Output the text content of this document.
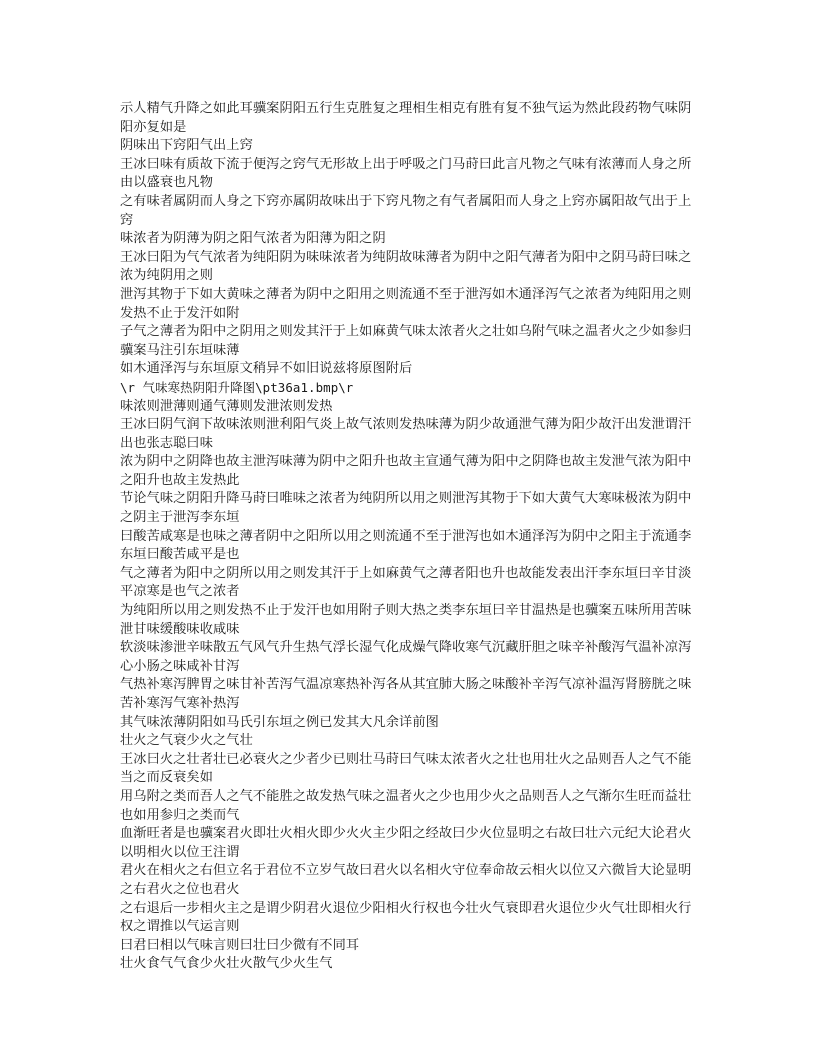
示人精气升降之如此耳骥案阴阳五行生克胜复之理相生相克有胜有复不独气运为然此段药物气味阴阳亦复如是
阴味出下窍阳气出上窍
王冰曰味有质故下流于便泻之窍气无形故上出于呼吸之门马莳曰此言凡物之气味有浓薄而人身之所由以盛衰也凡物
之有味者属阴而人身之下窍亦属阴故味出于下窍凡物之有气者属阳而人身之上窍亦属阳故气出于上窍
味浓者为阴薄为阴之阳气浓者为阳薄为阳之阴
王冰曰阳为气气浓者为纯阳阴为味味浓者为纯阴故味薄者为阴中之阳气薄者为阳中之阴马莳曰味之浓为纯阴用之则
泄泻其物于下如大黄味之薄者为阴中之阳用之则流通不至于泄泻如木通泽泻气之浓者为纯阳用之则发热不止于发汗如附
子气之薄者为阳中之阴用之则发其汗于上如麻黄气味太浓者火之壮如乌附气味之温者火之少如参归骥案马注引东垣味薄
如木通泽泻与东垣原文稍异不如旧说兹将原图附后
\r 气味寒热阴阳升降图\pt36a1.bmp\r
味浓则泄薄则通气薄则发泄浓则发热
王冰曰阴气润下故味浓则泄利阳气炎上故气浓则发热味薄为阴少故通泄气薄为阳少故汗出发泄谓汗出也张志聪曰味
浓为阴中之阴降也故主泄泻味薄为阴中之阳升也故主宣通气薄为阳中之阴降也故主发泄气浓为阳中之阳升也故主发热此
节论气味之阴阳升降马莳曰唯味之浓者为纯阴所以用之则泄泻其物于下如大黄气大寒味极浓为阴中之阴主于泄泻李东垣
曰酸苦咸寒是也味之薄者阴中之阳所以用之则流通不至于泄泻也如木通泽泻为阴中之阳主于流通李东垣曰酸苦咸平是也
气之薄者为阳中之阴所以用之则发其汗于上如麻黄气之薄者阳也升也故能发表出汗李东垣曰辛甘淡平凉寒是也气之浓者
为纯阳所以用之则发热不止于发汗也如用附子则大热之类李东垣曰辛甘温热是也骥案五味所用苦味泄甘味缓酸味收咸味
软淡味渗泄辛味散五气风气升生热气浮长湿气化成燥气降收寒气沉藏肝胆之味辛补酸泻气温补凉泻心小肠之味咸补甘泻
气热补寒泻脾胃之味甘补苦泻气温凉寒热补泻各从其宜肺大肠之味酸补辛泻气凉补温泻肾膀胱之味苦补寒泻气寒补热泻
其气味浓薄阴阳如马氏引东垣之例已发其大凡余详前图
壮火之气衰少火之气壮
王冰曰火之壮者壮已必衰火之少者少已则壮马莳曰气味太浓者火之壮也用壮火之品则吾人之气不能当之而反衰矣如
用乌附之类而吾人之气不能胜之故发热气味之温者火之少也用少火之品则吾人之气渐尔生旺而益壮也如用参归之类而气
血渐旺者是也骥案君火即壮火相火即少火火主少阳之经故曰少火位显明之右故曰壮六元纪大论君火以明相火以位王注谓
君火在相火之右但立名于君位不立岁气故曰君火以名相火守位奉命故云相火以位又六微旨大论显明之右君火之位也君火
之右退后一步相火主之是谓少阴君火退位少阳相火行权也今壮火气衰即君火退位少火气壮即相火行权之谓推以气运言则
曰君曰相以气味言则曰壮曰少微有不同耳
壮火食气气食少火壮火散气少火生气
